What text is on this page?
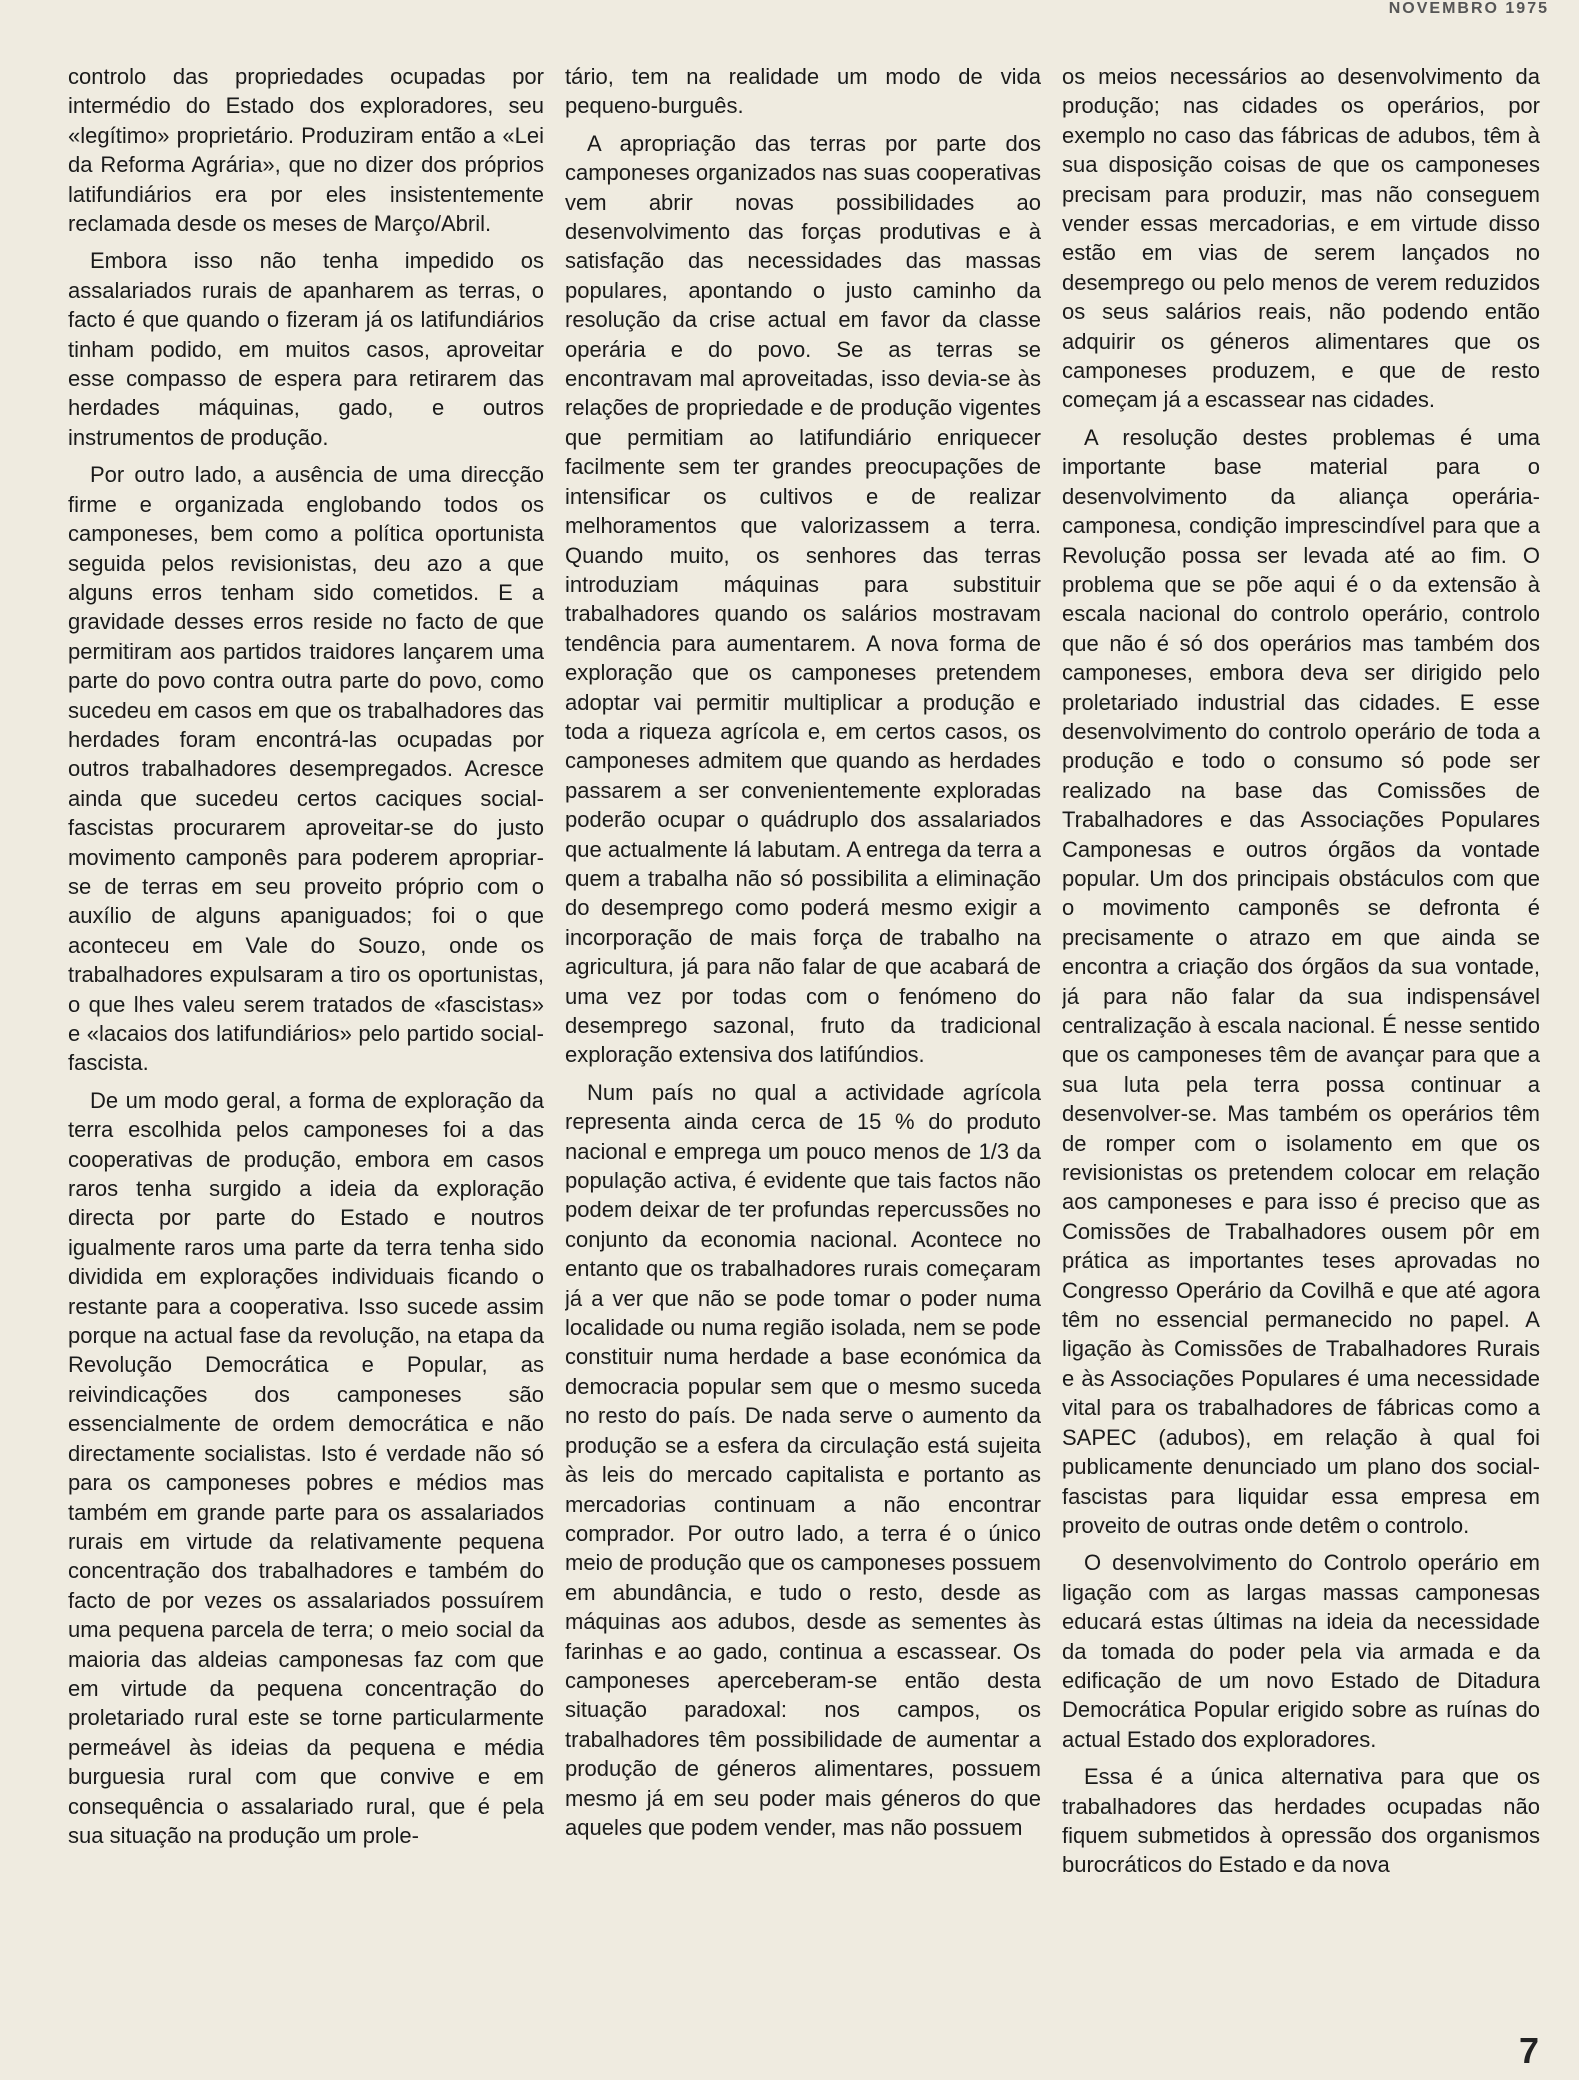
NOVEMBRO 1975

controlo das propriedades ocupadas por intermédio do Estado dos exploradores, seu «legítimo» proprietário. Produziram então a «Lei da Reforma Agrária», que no dizer dos próprios latifundiários era por eles insistentemente reclamada desde os meses de Março/Abril.

Embora isso não tenha impedido os assalariados rurais de apanharem as terras, o facto é que quando o fizeram já os latifundiários tinham podido, em muitos casos, aproveitar esse compasso de espera para retirarem das herdades máquinas, gado, e outros instrumentos de produção.

Por outro lado, a ausência de uma direcção firme e organizada englobando todos os camponeses, bem como a política oportunista seguida pelos revisionistas, deu azo a que alguns erros tenham sido cometidos. E a gravidade desses erros reside no facto de que permitiram aos partidos traidores lançarem uma parte do povo contra outra parte do povo, como sucedeu em casos em que os trabalhadores das herdades foram encontrá-las ocupadas por outros trabalhadores desempregados. Acresce ainda que sucedeu certos caciques social-fascistas procurarem aproveitar-se do justo movimento camponês para poderem apropriar-se de terras em seu proveito próprio com o auxílio de alguns apaniguados; foi o que aconteceu em Vale do Souzo, onde os trabalhadores expulsaram a tiro os oportunistas, o que lhes valeu serem tratados de «fascistas» e «lacaios dos latifundiários» pelo partido social-fascista.

De um modo geral, a forma de exploração da terra escolhida pelos camponeses foi a das cooperativas de produção, embora em casos raros tenha surgido a ideia da exploração directa por parte do Estado e noutros igualmente raros uma parte da terra tenha sido dividida em explorações individuais ficando o restante para a cooperativa. Isso sucede assim porque na actual fase da revolução, na etapa da Revolução Democrática e Popular, as reivindicações dos camponeses são essencialmente de ordem democrática e não directamente socialistas. Isto é verdade não só para os camponeses pobres e médios mas também em grande parte para os assalariados rurais em virtude da relativamente pequena concentração dos trabalhadores e também do facto de por vezes os assalariados possuírem uma pequena parcela de terra; o meio social da maioria das aldeias camponesas faz com que em virtude da pequena concentração do proletariado rural este se torne particularmente permeável às ideias da pequena e média burguesia rural com que convive e em consequência o assalariado rural, que é pela sua situação na produção um prole-

tário, tem na realidade um modo de vida pequeno-burguês.

A apropriação das terras por parte dos camponeses organizados nas suas cooperativas vem abrir novas possibilidades ao desenvolvimento das forças produtivas e à satisfação das necessidades das massas populares, apontando o justo caminho da resolução da crise actual em favor da classe operária e do povo. Se as terras se encontravam mal aproveitadas, isso devia-se às relações de propriedade e de produção vigentes que permitiam ao latifundiário enriquecer facilmente sem ter grandes preocupações de intensificar os cultivos e de realizar melhoramentos que valorizassem a terra. Quando muito, os senhores das terras introduziam máquinas para substituir trabalhadores quando os salários mostravam tendência para aumentarem. A nova forma de exploração que os camponeses pretendem adoptar vai permitir multiplicar a produção e toda a riqueza agrícola e, em certos casos, os camponeses admitem que quando as herdades passarem a ser convenientemente exploradas poderão ocupar o quádruplo dos assalariados que actualmente lá labutam. A entrega da terra a quem a trabalha não só possibilita a eliminação do desemprego como poderá mesmo exigir a incorporação de mais força de trabalho na agricultura, já para não falar de que acabará de uma vez por todas com o fenómeno do desemprego sazonal, fruto da tradicional exploração extensiva dos latifúndios.

Num país no qual a actividade agrícola representa ainda cerca de 15 % do produto nacional e emprega um pouco menos de 1/3 da população activa, é evidente que tais factos não podem deixar de ter profundas repercussões no conjunto da economia nacional. Acontece no entanto que os trabalhadores rurais começaram já a ver que não se pode tomar o poder numa localidade ou numa região isolada, nem se pode constituir numa herdade a base económica da democracia popular sem que o mesmo suceda no resto do país. De nada serve o aumento da produção se a esfera da circulação está sujeita às leis do mercado capitalista e portanto as mercadorias continuam a não encontrar comprador. Por outro lado, a terra é o único meio de produção que os camponeses possuem em abundância, e tudo o resto, desde as máquinas aos adubos, desde as sementes às farinhas e ao gado, continua a escassear. Os camponeses aperceberam-se então desta situação paradoxal: nos campos, os trabalhadores têm possibilidade de aumentar a produção de géneros alimentares, possuem mesmo já em seu poder mais géneros do que aqueles que podem vender, mas não possuem

os meios necessários ao desenvolvimento da produção; nas cidades os operários, por exemplo no caso das fábricas de adubos, têm à sua disposição coisas de que os camponeses precisam para produzir, mas não conseguem vender essas mercadorias, e em virtude disso estão em vias de serem lançados no desemprego ou pelo menos de verem reduzidos os seus salários reais, não podendo então adquirir os géneros alimentares que os camponeses produzem, e que de resto começam já a escassear nas cidades.

A resolução destes problemas é uma importante base material para o desenvolvimento da aliança operária-camponesa, condição imprescindível para que a Revolução possa ser levada até ao fim. O problema que se põe aqui é o da extensão à escala nacional do controlo operário, controlo que não é só dos operários mas também dos camponeses, embora deva ser dirigido pelo proletariado industrial das cidades. E esse desenvolvimento do controlo operário de toda a produção e todo o consumo só pode ser realizado na base das Comissões de Trabalhadores e das Associações Populares Camponesas e outros órgãos da vontade popular. Um dos principais obstáculos com que o movimento camponês se defronta é precisamente o atrazo em que ainda se encontra a criação dos órgãos da sua vontade, já para não falar da sua indispensável centralização à escala nacional. É nesse sentido que os camponeses têm de avançar para que a sua luta pela terra possa continuar a desenvolver-se. Mas também os operários têm de romper com o isolamento em que os revisionistas os pretendem colocar em relação aos camponeses e para isso é preciso que as Comissões de Trabalhadores ousem pôr em prática as importantes teses aprovadas no Congresso Operário da Covilhã e que até agora têm no essencial permanecido no papel. A ligação às Comissões de Trabalhadores Rurais e às Associações Populares é uma necessidade vital para os trabalhadores de fábricas como a SAPEC (adubos), em relação à qual foi publicamente denunciado um plano dos social-fascistas para liquidar essa empresa em proveito de outras onde detêm o controlo.

O desenvolvimento do Controlo operário em ligação com as largas massas camponesas educará estas últimas na ideia da necessidade da tomada do poder pela via armada e da edificação de um novo Estado de Ditadura Democrática Popular erigido sobre as ruínas do actual Estado dos exploradores.

Essa é a única alternativa para que os trabalhadores das herdades ocupadas não fiquem submetidos à opressão dos organismos burocráticos do Estado e da nova

7
